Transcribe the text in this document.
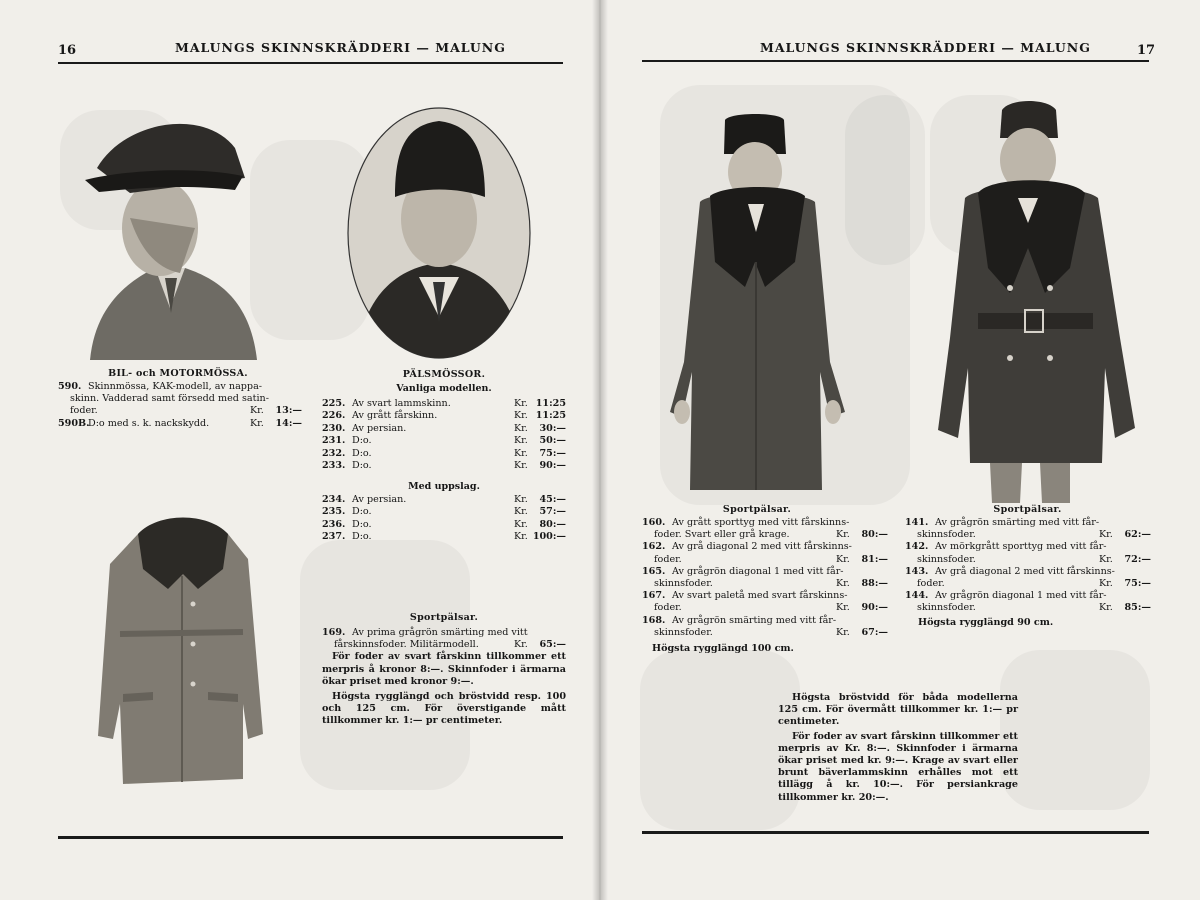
16	MALUNGS SKINNSKRÄDDERI — MALUNG
BIL- och MOTORMÖSSA.
590. Skinnmössa, KAK-modell, av nappa-
skinn. Vadderad samt försedd med satin-
foder.	Kr. 13:—
590B.
D:o med s. k. nackskydd.	Kr. 14:—
PÄLSMÖSSOR.
Vanliga modellen.
225. Av svart lammskinn.	Kr. 11:25
226. Av grått fårskinn.	Kr. 11:25
230. Av persian.	Kr. 30:—
231. D:o.	Kr. 50:—
232. D:o.	Kr. 75:—
233. D:o.	Kr. 90:—
Med uppslag.
234. Av persian.	Kr. 45:—
235. D:o.	Kr. 57:—
236. D:o.	Kr. 80:—
237. D:o.	Kr. 100:—
Sportpälsar.
169. Av prima grågrön smärting med vitt
fårskinnsfoder. Militärmodell.	Kr. 65:—
För foder av svart fårskinn tillkommer ett merpris å kronor 8:—. Skinnfoder i ärmarna ökar priset med kronor 9:—.
Högsta rygglängd och bröstvidd resp. 100 och 125 cm. För överstigande mått tillkommer kr. 1:— pr centimeter.
MALUNGS SKINNSKRÄDDERI — MALUNG	17
Sportpälsar.
160. Av grått sporttyg med vitt fårskinns-
foder. Svart eller grå krage.	Kr. 80:—
162. Av grå diagonal 2 med vitt fårskinns-
foder.	Kr. 81:—
165. Av grågrön diagonal 1 med vitt får-
skinnsfoder.	Kr. 88:—
167. Av svart paletå med svart fårskinns-
foder.	Kr. 90:—
168. Av grågrön smärting med vitt får-
skinnsfoder.	Kr. 67:—
Högsta rygglängd 100 cm.
Sportpälsar.
141. Av grågrön smärting med vitt får-
skinnsfoder.	Kr. 62:—
142. Av mörkgrått sporttyg med vitt får-
skinnsfoder.	Kr. 72:—
143. Av grå diagonal 2 med vitt fårskinns-
foder.	Kr. 75:—
144. Av grågrön diagonal 1 med vitt får-
skinnsfoder.	Kr. 85:—
Högsta rygglängd 90 cm.
Högsta bröstvidd för båda modellerna 125 cm. För övermått tillkommer kr. 1:— pr centimeter.
För foder av svart fårskinn tillkommer ett merpris av Kr. 8:—. Skinnfoder i ärmarna ökar priset med kr. 9:—. Krage av svart eller brunt bäverlammskinn erhålles mot ett tillägg å kr. 10:—. För persiankrage tillkommer kr. 20:—.
